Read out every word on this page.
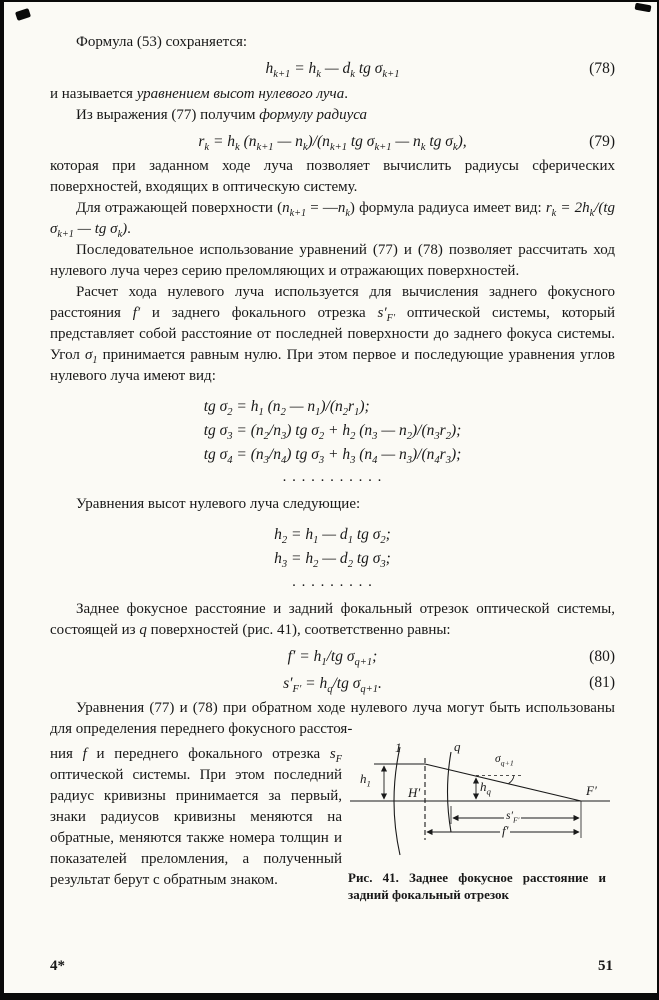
Формула (53) сохраняется:

$h_{k+1} = h_k$ — $d_k$ tg $\sigma_{k+1}$	(78)

и называется уравнением высот нулевого луча.

Из выражения (77) получим формулу радиуса

$r_k = h_k$ ($n_{k+1}$ — $n_k)/(n_{k+1}$ tg $\sigma_{k+1}$ — $n_k$ tg $\sigma_k$),	(79)

которая при заданном ходе луча позволяет вычислить радиусы сферических поверхностей, входящих в оптическую систему.

Для отражающей поверхности ($n_{k+1}$ = $—n_k$) формула радиуса имеет вид: $r_k = 2h_k/(tg$ $\sigma_{k+1}$ — tg $\sigma_k$).

Последовательное использование уравнений (77) и (78) позволяет рассчитать ход нулевого луча через серию преломляющих и отражающих поверхностей.

Расчет хода нулевого луча используется для вычисления заднего фокусного расстояния f′ и заднего фокального отрезка $s'_{F'}$ оптической системы, который представляет собой расстояние от последней поверхности до заднего фокуса системы. Угол $\sigma_1$ принимается равным нулю. При этом первое и последующие уравнения углов нулевого луча имеют вид:

tg $\sigma_2 = h_1$ ($n_2$ — $n_1)/(n_2r_1)$;
tg $\sigma_3 = (n_2/n_3)$ tg $\sigma_2 + h_2$ ($n_3$ — $n_2)/(n_3r_2)$;
tg $\sigma_4 = (n_3/n_4)$ tg $\sigma_3 + h_3$ ($n_4$ — $n_3)/(n_4r_3)$;
. . . . . . . . . . .

Уравнения высот нулевого луча следующие:

$h_2 = h_1$ — $d_1$ tg $\sigma_2$;
$h_3 = h_2$ — $d_2$ tg $\sigma_3$;
. . . . . . . . .

Заднее фокусное расстояние и задний фокальный отрезок оптической системы, состоящей из q поверхностей (рис. 41), соответственно равны:

$f' = h_1/tg$ $\sigma_{q+1}$;	(80)
$s'_{F'} = h_q/tg$ $\sigma_{q+1}$.	(81)

Уравнения (77) и (78) при обратном ходе нулевого луча могут быть использованы для определения переднего фокусного расстоя-

ния f и переднего фокального отрезка $s_F$ оптической системы. При этом последний радиус кривизны принимается за первый, знаки радиусов кривизны меняются на обратные, меняются также номера толщин и показателей преломления, а полученный результат берут с обратным знаком.

1	q
$h_1$
H′	$h_q$
$\sigma_{q+1}$
F′
$s'_{F'}$
f′
Рис. 41. Заднее фокусное расстояние и задний фокальный отрезок
4*	51
